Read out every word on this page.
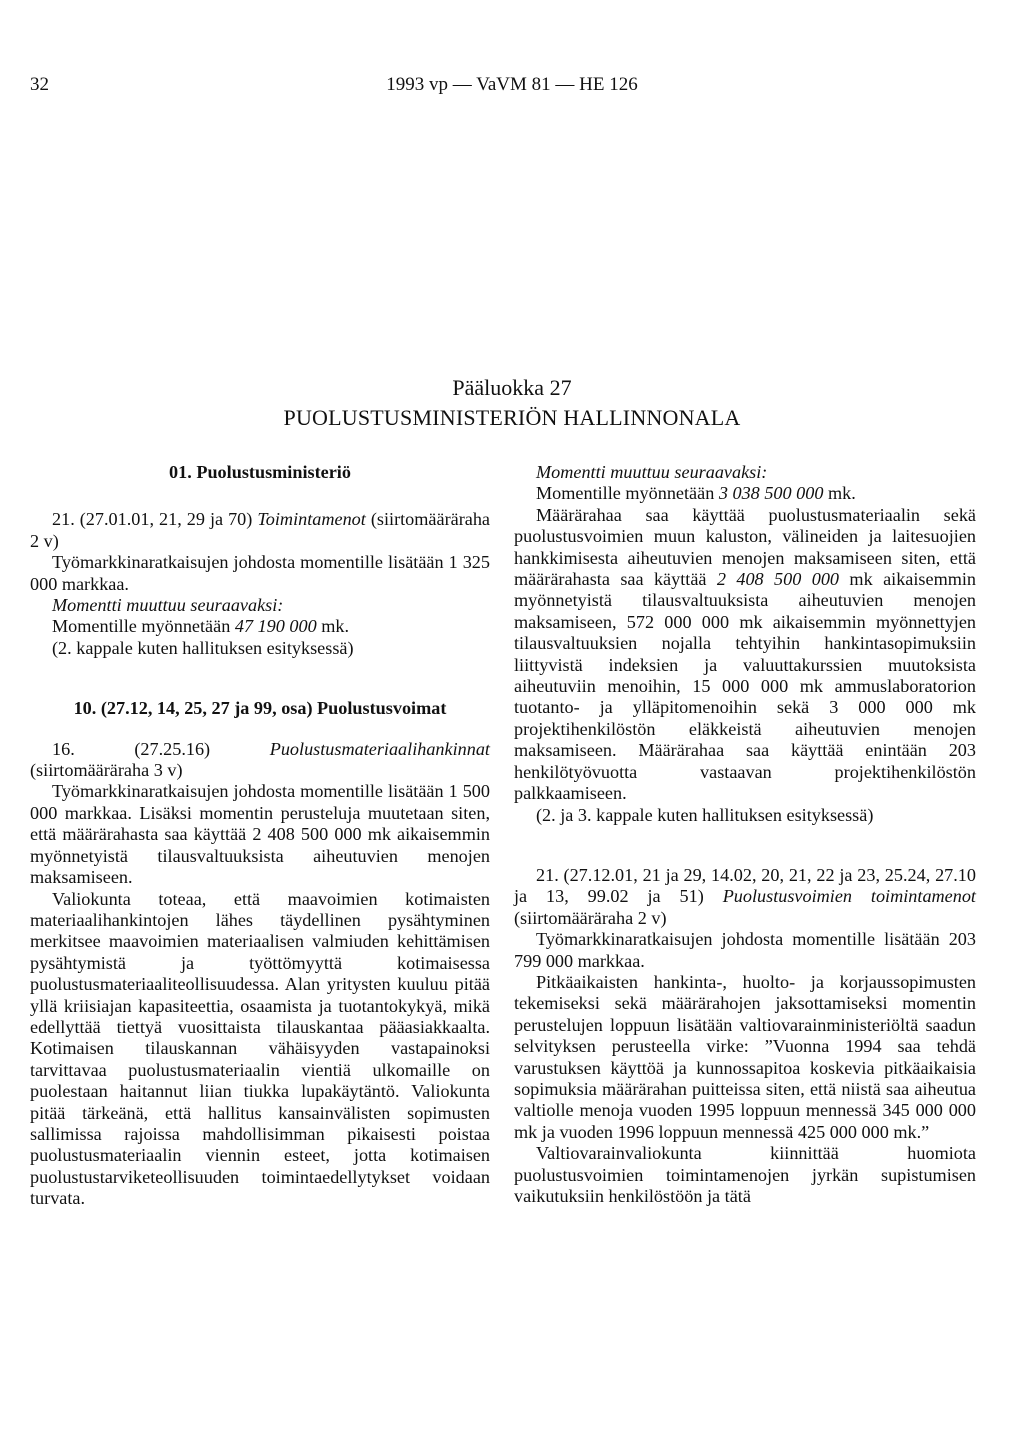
32	1993 vp — VaVM 81 — HE 126
Pääluokka 27
PUOLUSTUSMINISTERIÖN HALLINNONALA

01. Puolustusministeriö

21. (27.01.01, 21, 29 ja 70) Toimintamenot (siirtomääräraha 2 v)

Työmarkkinaratkaisujen johdosta momentille lisätään 1 325 000 markkaa.

Momentti muuttuu seuraavaksi:

Momentille myönnetään 47 190 000 mk.

(2. kappale kuten hallituksen esityksessä)

10. (27.12, 14, 25, 27 ja 99, osa) Puolustusvoimat

16. (27.25.16) Puolustusmateriaalihankinnat (siirtomääräraha 3 v)

Työmarkkinaratkaisujen johdosta momentille lisätään 1 500 000 markkaa. Lisäksi momentin perusteluja muutetaan siten, että määrärahasta saa käyttää 2 408 500 000 mk aikaisemmin myönnetyistä tilausvaltuuksista aiheutuvien menojen maksamiseen.

Valiokunta toteaa, että maavoimien kotimaisten materiaalihankintojen lähes täydellinen pysähtyminen merkitsee maavoimien materiaalisen valmiuden kehittämisen pysähtymistä ja työttömyyttä kotimaisessa puolustusmateriaaliteollisuudessa. Alan yritysten kuuluu pitää yllä kriisiajan kapasiteettia, osaamista ja tuotantokykyä, mikä edellyttää tiettyä vuosittaista tilauskantaa pääasiakkaalta. Kotimaisen tilauskannan vähäisyyden vastapainoksi tarvittavaa puolustusmateriaalin vientiä ulkomaille on puolestaan haitannut liian tiukka lupakäytäntö. Valiokunta pitää tärkeänä, että hallitus kansainvälisten sopimusten sallimissa rajoissa mahdollisimman pikaisesti poistaa puolustusmateriaalin viennin esteet, jotta kotimaisen puolustustarviketeollisuuden toimintaedellytykset voidaan turvata.

Momentti muuttuu seuraavaksi:

Momentille myönnetään 3 038 500 000 mk.

Määrärahaa saa käyttää puolustusmateriaalin sekä puolustusvoimien muun kaluston, välineiden ja laitesuojien hankkimisesta aiheutuvien menojen maksamiseen siten, että määrärahasta saa käyttää 2 408 500 000 mk aikaisemmin myönnetyistä tilausvaltuuksista aiheutuvien menojen maksamiseen, 572 000 000 mk aikaisemmin myönnettyjen tilausvaltuuksien nojalla tehtyihin hankintasopimuksiin liittyvistä indeksien ja valuuttakurssien muutoksista aiheutuviin menoihin, 15 000 000 mk ammuslaboratorion tuotanto- ja ylläpitomenoihin sekä 3 000 000 mk projektihenkilöstön eläkkeistä aiheutuvien menojen maksamiseen. Määrärahaa saa käyttää enintään 203 henkilötyövuotta vastaavan projektihenkilöstön palkkaamiseen.

(2. ja 3. kappale kuten hallituksen esityksessä)

21. (27.12.01, 21 ja 29, 14.02, 20, 21, 22 ja 23, 25.24, 27.10 ja 13, 99.02 ja 51) Puolustusvoimien toimintamenot (siirtomääräraha 2 v)

Työmarkkinaratkaisujen johdosta momentille lisätään 203 799 000 markkaa.

Pitkäaikaisten hankinta-, huolto- ja korjaussopimusten tekemiseksi sekä määrärahojen jaksottamiseksi momentin perustelujen loppuun lisätään valtiovarainministeriöltä saadun selvityksen perusteella virke: ”Vuonna 1994 saa tehdä varustuksen käyttöä ja kunnossapitoa koskevia pitkäaikaisia sopimuksia määrärahan puitteissa siten, että niistä saa aiheutua valtiolle menoja vuoden 1995 loppuun mennessä 345 000 000 mk ja vuoden 1996 loppuun mennessä 425 000 000 mk.”

Valtiovarainvaliokunta kiinnittää huomiota puolustusvoimien toimintamenojen jyrkän supistumisen vaikutuksiin henkilöstöön ja tätä
